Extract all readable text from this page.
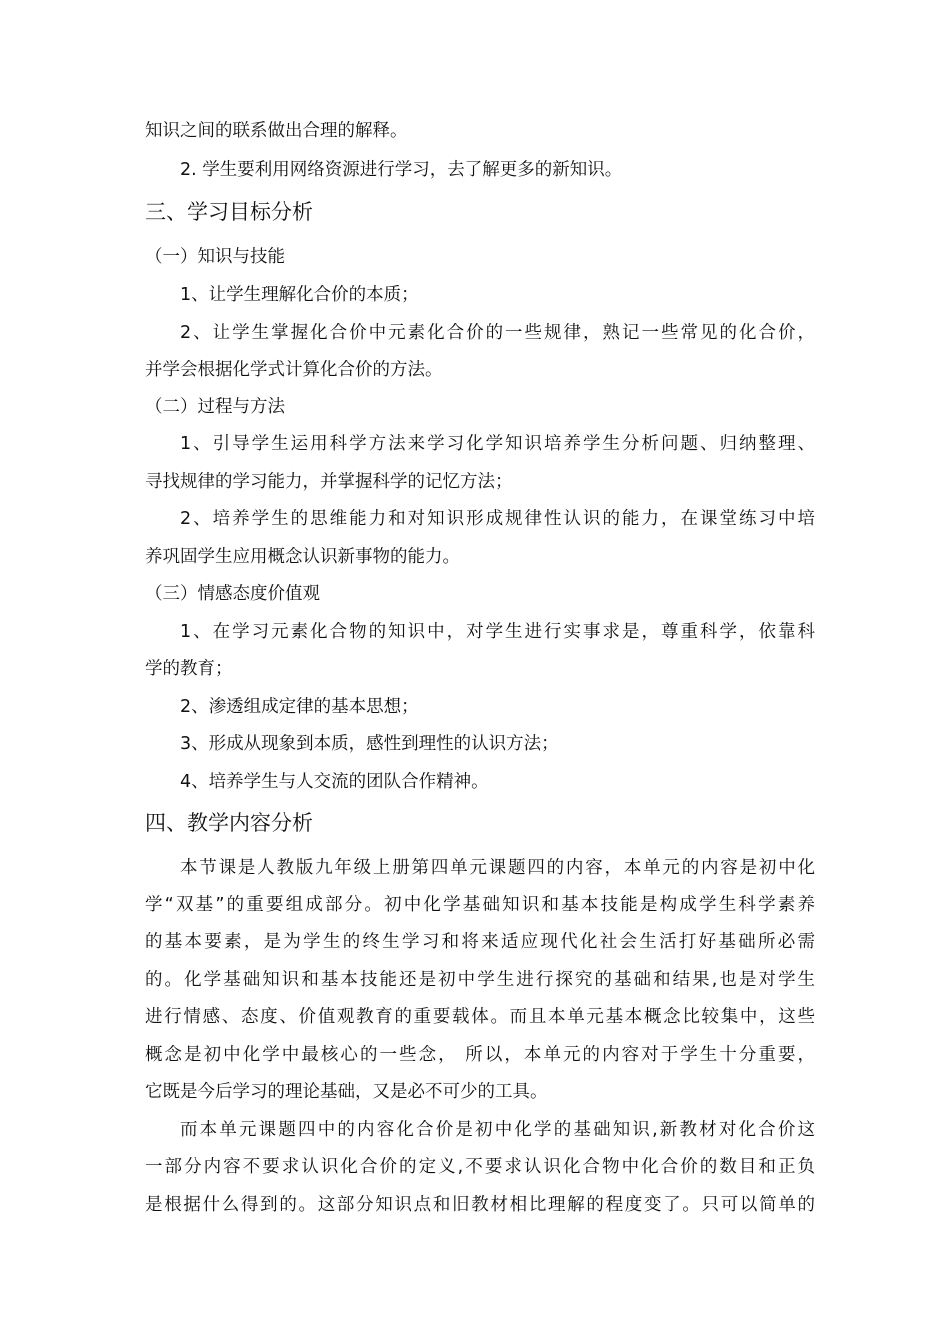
知识之间的联系做出合理的解释。
2. 学生要利用网络资源进行学习，去了解更多的新知识。
三、学习目标分析
（一）知识与技能
1、让学生理解化合价的本质；
2、让学生掌握化合价中元素化合价的一些规律，熟记一些常见的化合价，
并学会根据化学式计算化合价的方法。
（二）过程与方法
1、引导学生运用科学方法来学习化学知识培养学生分析问题、归纳整理、
寻找规律的学习能力，并掌握科学的记忆方法；
2、培养学生的思维能力和对知识形成规律性认识的能力，在课堂练习中培
养巩固学生应用概念认识新事物的能力。
（三）情感态度价值观
1、在学习元素化合物的知识中，对学生进行实事求是，尊重科学，依靠科
学的教育；
2、渗透组成定律的基本思想；
3、形成从现象到本质，感性到理性的认识方法；
4、培养学生与人交流的团队合作精神。
四、教学内容分析
本节课是人教版九年级上册第四单元课题四的内容，本单元的内容是初中化
学“双基”的重要组成部分。初中化学基础知识和基本技能是构成学生科学素养
的基本要素，是为学生的终生学习和将来适应现代化社会生活打好基础所必需
的。化学基础知识和基本技能还是初中学生进行探究的基础和结果,也是对学生
进行情感、态度、价值观教育的重要载体。而且本单元基本概念比较集中，这些
概念是初中化学中最核心的一些念， 所以，本单元的内容对于学生十分重要，
它既是今后学习的理论基础，又是必不可少的工具。
而本单元课题四中的内容化合价是初中化学的基础知识,新教材对化合价这
一部分内容不要求认识化合价的定义,不要求认识化合物中化合价的数目和正负
是根据什么得到的。这部分知识点和旧教材相比理解的程度变了。只可以简单的
